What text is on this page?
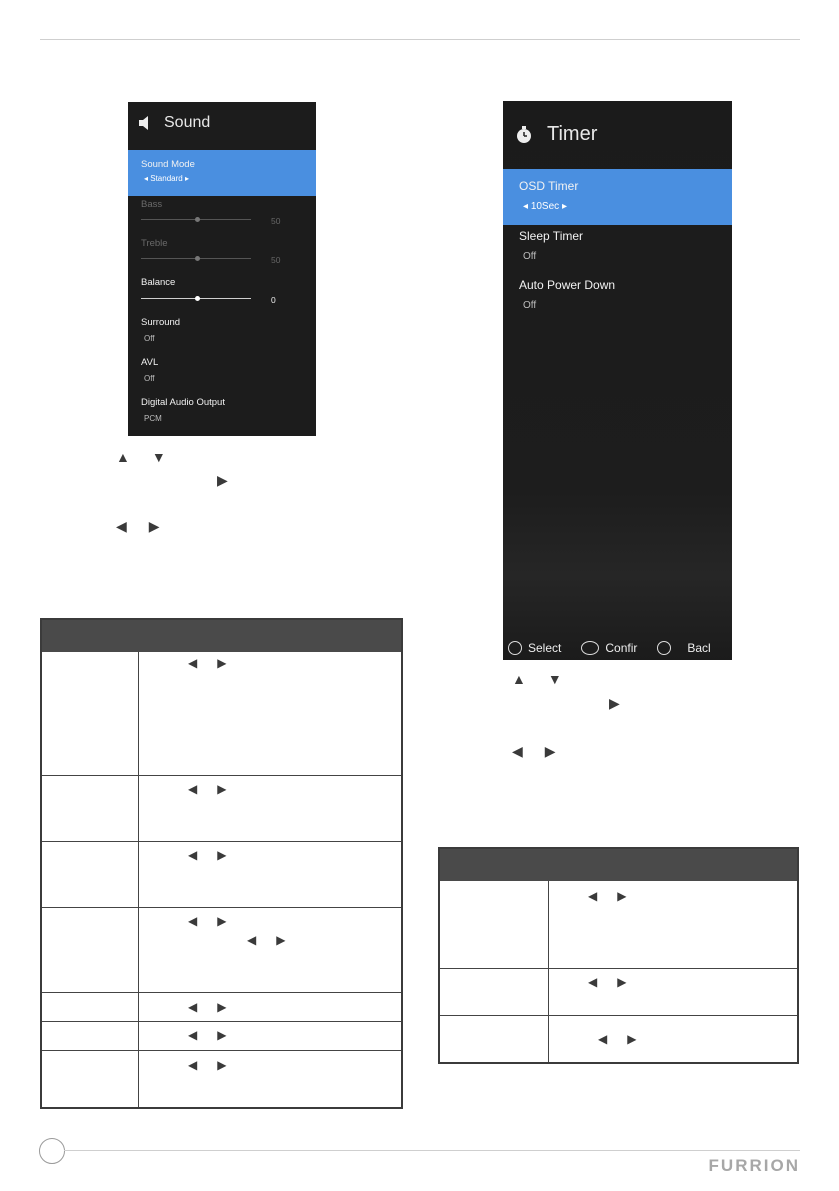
Sound
Sound Mode
◂ Standard ▸
Bass
50
Treble
50
Balance
0
Surround
Off
AVL
Off
Digital Audio Output
PCM
▲ ▼
▶
◀ ▶
◀ ▶
◀ ▶
◀ ▶
◀ ▶
◀ ▶
◀ ▶
◀ ▶
◀ ▶
Timer
OSD Timer
◂ 10Sec ▸
Sleep Timer
Off
Auto Power Down
Off
Select	Confir	Bacl
▲ ▼
▶
◀ ▶
◀ ▶
◀ ▶
◀ ▶
FURRION
